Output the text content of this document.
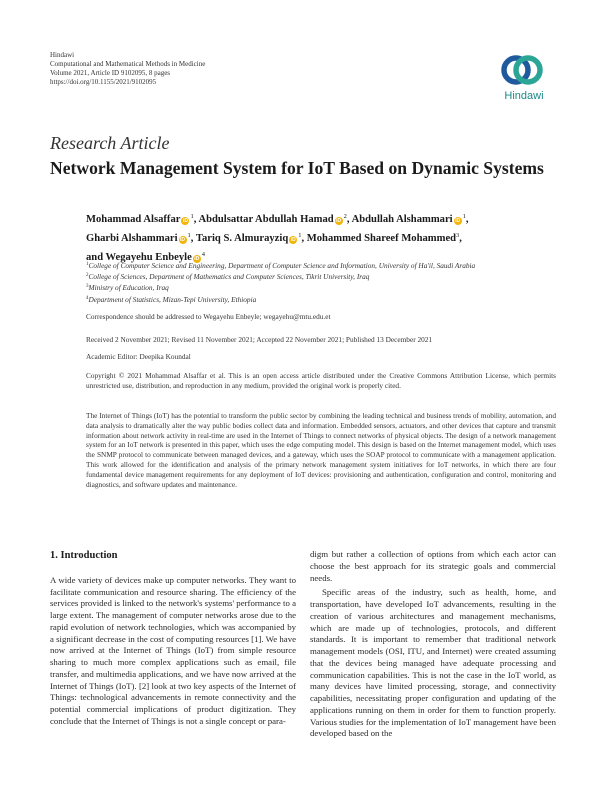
Hindawi
Computational and Mathematical Methods in Medicine
Volume 2021, Article ID 9102095, 8 pages
https://doi.org/10.1155/2021/9102095
Hindawi
Research Article
Network Management System for IoT Based on Dynamic Systems
Mohammad Alsaffar $iD^1$, Abdulsattar Abdullah Hamad $iD^2$, Abdullah Alshammari $iD^1$,
Gharbi Alshammari $iD^1$, Tariq S. Almurayziq $iD^1$, Mohammed Shareef Mohammed$^3$,
and Wegayehu Enbeyle $iD^4$
$^1$College of Computer Science and Engineering, Department of Computer Science and Information, University of Ha'il, Saudi Arabia
$^2$College of Sciences, Department of Mathematics and Computer Sciences, Tikrit University, Iraq
$^3$Ministry of Education, Iraq
$^4$Department of Statistics, Mizan-Tepi University, Ethiopia
Correspondence should be addressed to Wegayehu Enbeyle; wegayehu@mtu.edu.et
Received 2 November 2021; Revised 11 November 2021; Accepted 22 November 2021; Published 13 December 2021
Academic Editor: Deepika Koundal
Copyright © 2021 Mohammad Alsaffar et al. This is an open access article distributed under the Creative Commons Attribution License, which permits unrestricted use, distribution, and reproduction in any medium, provided the original work is properly cited.
The Internet of Things (IoT) has the potential to transform the public sector by combining the leading technical and business trends of mobility, automation, and data analysis to dramatically alter the way public bodies collect data and information. Embedded sensors, actuators, and other devices that capture and transmit information about network activity in real-time are used in the Internet of Things to connect networks of physical objects. The design of a network management system for an IoT network is presented in this paper, which uses the edge computing model. This design is based on the Internet management model, which uses the SNMP protocol to communicate between managed devices, and a gateway, which uses the SOAP protocol to communicate with a management application. This work allowed for the identification and analysis of the primary network management system initiatives for IoT networks, in which there are four fundamental device management requirements for any deployment of IoT devices: provisioning and authentication, configuration and control, monitoring and diagnostics, and software updates and maintenance.
1. Introduction
A wide variety of devices make up computer networks. They want to facilitate communication and resource sharing. The efficiency of the services provided is linked to the network's systems' performance to a large extent. The management of computer networks arose due to the rapid evolution of network technologies, which was accompanied by a significant decrease in the cost of computing resources [1]. We have now arrived at the Internet of Things (IoT) from simple resource sharing to much more complex applications such as email, file transfer, and multimedia applications, and we have now arrived at the Internet of Things (IoT). [2] look at two key aspects of the Internet of Things: technological advancements in remote connectivity and the potential commercial implications of product digitization. They conclude that the Internet of Things is not a single concept or para-
digm but rather a collection of options from which each actor can choose the best approach for its strategic goals and commercial needs.
Specific areas of the industry, such as health, home, and transportation, have developed IoT advancements, resulting in the creation of various architectures and management mechanisms, which are made up of technologies, protocols, and different standards. It is important to remember that traditional network management models (OSI, ITU, and Internet) were created assuming that the devices being managed have adequate processing and communication capabilities. This is not the case in the IoT world, as many devices have limited processing, storage, and connectivity capabilities, necessitating proper configuration and updating of the applications running on them in order for them to function properly. Various studies for the implementation of IoT management have been developed based on the
